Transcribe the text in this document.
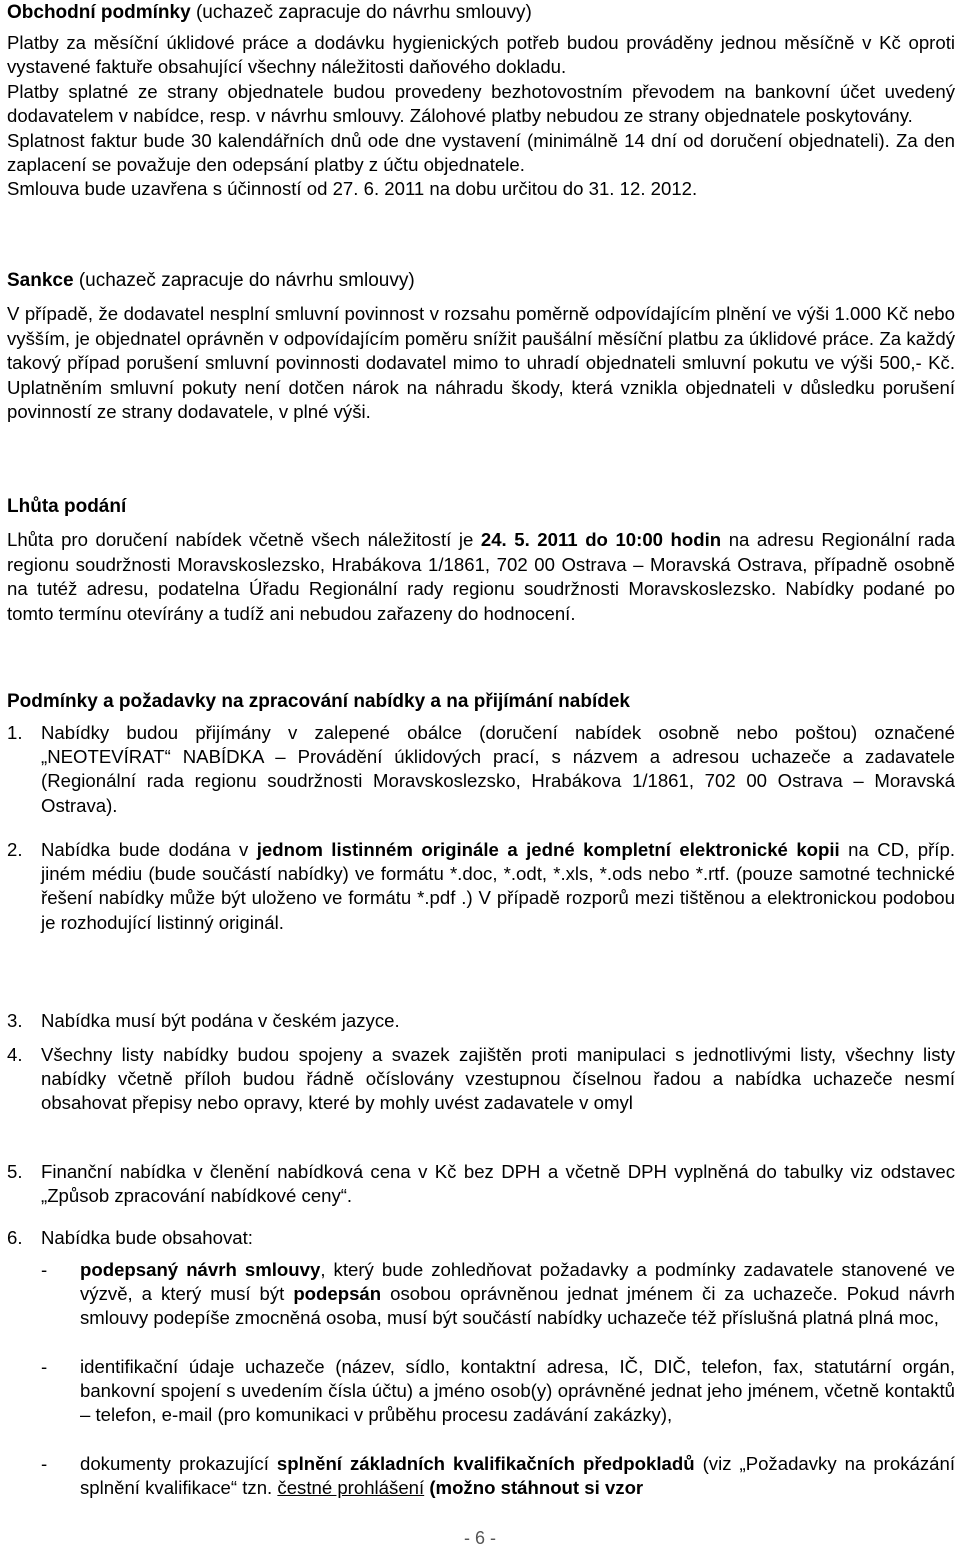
Obchodní podmínky (uchazeč zapracuje do návrhu smlouvy)

Platby za měsíční úklidové práce a dodávku hygienických potřeb budou prováděny jednou měsíčně v Kč oproti vystavené faktuře obsahující všechny náležitosti daňového dokladu.

Platby splatné ze strany objednatele budou provedeny bezhotovostním převodem na bankovní účet uvedený dodavatelem v nabídce, resp. v návrhu smlouvy. Zálohové platby nebudou ze strany objednatele poskytovány.

Splatnost faktur bude 30 kalendářních dnů ode dne vystavení (minimálně 14 dní od doručení objednateli). Za den zaplacení se považuje den odepsání platby z účtu objednatele.

Smlouva bude uzavřena s účinností od 27. 6. 2011 na dobu určitou do 31. 12. 2012.

Sankce (uchazeč zapracuje do návrhu smlouvy)

V případě, že dodavatel nesplní smluvní povinnost v rozsahu poměrně odpovídajícím plnění ve výši 1.000 Kč nebo vyšším, je objednatel oprávněn v odpovídajícím poměru snížit paušální měsíční platbu za úklidové práce. Za každý takový případ porušení smluvní povinnosti dodavatel mimo to uhradí objednateli smluvní pokutu ve výši 500,- Kč. Uplatněním smluvní pokuty není dotčen nárok na náhradu škody, která vznikla objednateli v důsledku porušení povinností ze strany dodavatele, v plné výši.

Lhůta podání

Lhůta pro doručení nabídek včetně všech náležitostí je 24. 5. 2011 do 10:00 hodin na adresu Regionální rada regionu soudržnosti Moravskoslezsko, Hrabákova 1/1861, 702 00 Ostrava – Moravská Ostrava, případně osobně na tutéž adresu, podatelna Úřadu Regionální rady regionu soudržnosti Moravskoslezsko. Nabídky podané po tomto termínu otevírány a tudíž ani nebudou zařazeny do hodnocení.

Podmínky a požadavky na zpracování nabídky a na přijímání nabídek

1. Nabídky budou přijímány v zalepené obálce (doručení nabídek osobně nebo poštou) označené „NEOTEVÍRAT“ NABÍDKA – Provádění úklidových prací, s názvem a adresou uchazeče a zadavatele (Regionální rada regionu soudržnosti Moravskoslezsko, Hrabákova 1/1861, 702 00 Ostrava – Moravská Ostrava).
2. Nabídka bude dodána v jednom listinném originále a jedné kompletní elektronické kopii na CD, příp. jiném médiu (bude součástí nabídky) ve formátu *.doc, *.odt, *.xls, *.ods nebo *.rtf. (pouze samotné technické řešení nabídky může být uloženo ve formátu *.pdf .) V případě rozporů mezi tištěnou a elektronickou podobou je rozhodující listinný originál.
3. Nabídka musí být podána v českém jazyce.
4. Všechny listy nabídky budou spojeny a svazek zajištěn proti manipulaci s jednotlivými listy, všechny listy nabídky včetně příloh budou řádně očíslovány vzestupnou číselnou řadou a nabídka uchazeče nesmí obsahovat přepisy nebo opravy, které by mohly uvést zadavatele v omyl
5. Finanční nabídka v členění nabídková cena v Kč bez DPH a včetně DPH vyplněná do tabulky viz odstavec „Způsob zpracování nabídkové ceny“.
6. Nabídka bude obsahovat:
- podepsaný návrh smlouvy, který bude zohledňovat požadavky a podmínky zadavatele stanovené ve výzvě, a který musí být podepsán osobou oprávněnou jednat jménem či za uchazeče. Pokud návrh smlouvy podepíše zmocněná osoba, musí být součástí nabídky uchazeče též příslušná platná plná moc,
- identifikační údaje uchazeče (název, sídlo, kontaktní adresa, IČ, DIČ, telefon, fax, statutární orgán, bankovní spojení s uvedením čísla účtu) a jméno osob(y) oprávněné jednat jeho jménem, včetně kontaktů – telefon, e-mail (pro komunikaci v průběhu procesu zadávání zakázky),
- dokumenty prokazující splnění základních kvalifikačních předpokladů (viz „Požadavky na prokázání splnění kvalifikace“ tzn. čestné prohlášení (možno stáhnout si vzor
- 6 -
